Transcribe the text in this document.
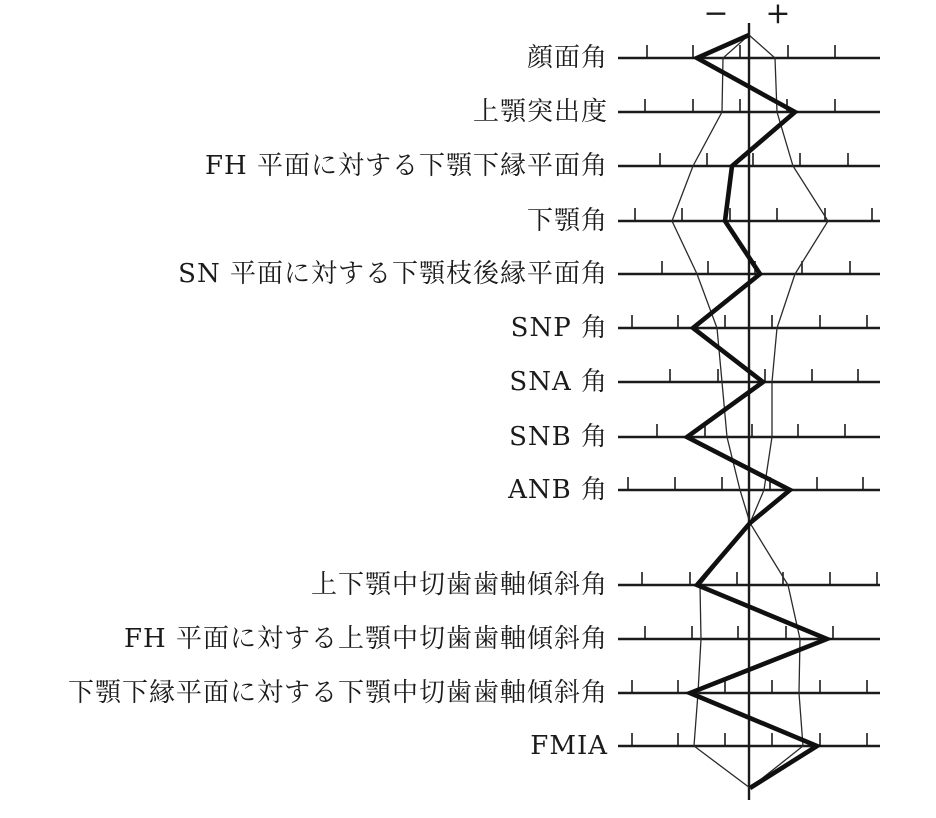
−	+
顔面角
上顎突出度
FH 平面に対する下顎下縁平面角
下顎角
SN 平面に対する下顎枝後縁平面角
SNP 角
SNA 角
SNB 角
ANB 角
上下顎中切歯歯軸傾斜角
FH 平面に対する上顎中切歯歯軸傾斜角
下顎下縁平面に対する下顎中切歯歯軸傾斜角
FMIA
